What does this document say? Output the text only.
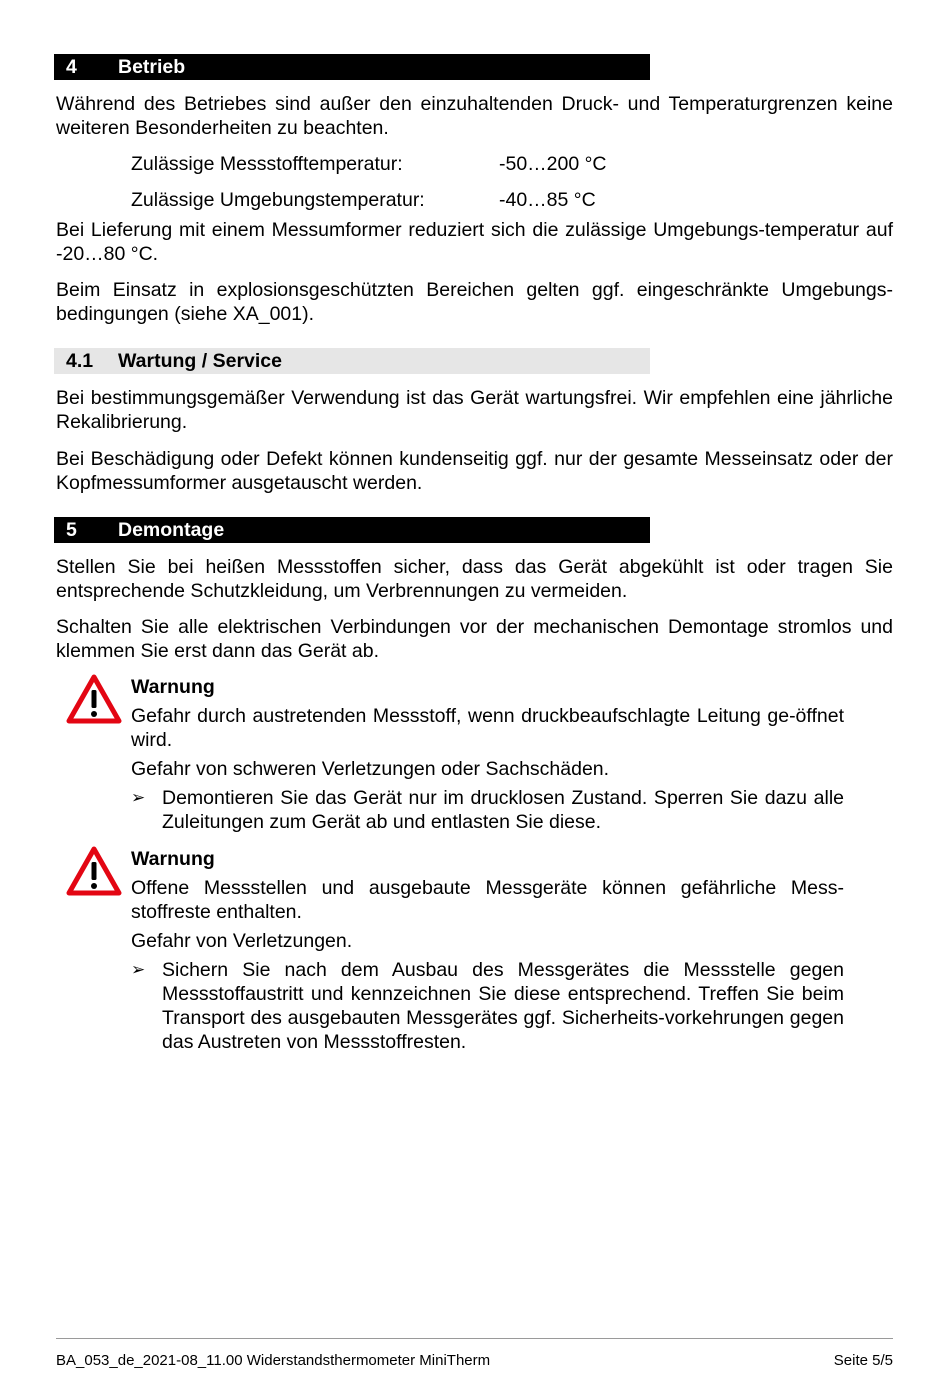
4 Betrieb

Während des Betriebes sind außer den einzuhaltenden Druck- und Temperaturgrenzen keine weiteren Besonderheiten zu beachten.

Zulässige Messstofftemperatur:	-50…200 °C
Zulässige Umgebungstemperatur:	-40…85 °C

Bei Lieferung mit einem Messumformer reduziert sich die zulässige Umgebungs-temperatur auf -20…80 °C.

Beim Einsatz in explosionsgeschützten Bereichen gelten ggf. eingeschränkte Umgebungs-bedingungen (siehe XA_001).

4.1 Wartung / Service

Bei bestimmungsgemäßer Verwendung ist das Gerät wartungsfrei. Wir empfehlen eine jährliche Rekalibrierung.

Bei Beschädigung oder Defekt können kundenseitig ggf. nur der gesamte Messeinsatz oder der Kopfmessumformer ausgetauscht werden.

5 Demontage

Stellen Sie bei heißen Messstoffen sicher, dass das Gerät abgekühlt ist oder tragen Sie entsprechende Schutzkleidung, um Verbrennungen zu vermeiden.

Schalten Sie alle elektrischen Verbindungen vor der mechanischen Demontage stromlos und klemmen Sie erst dann das Gerät ab.

Warnung
Gefahr durch austretenden Messstoff, wenn druckbeaufschlagte Leitung ge-öffnet wird.
Gefahr von schweren Verletzungen oder Sachschäden.
➢ Demontieren Sie das Gerät nur im drucklosen Zustand. Sperren Sie dazu alle Zuleitungen zum Gerät ab und entlasten Sie diese.
Warnung
Offene Messstellen und ausgebaute Messgeräte können gefährliche Mess-stoffreste enthalten.
Gefahr von Verletzungen.
➢ Sichern Sie nach dem Ausbau des Messgerätes die Messstelle gegen Messstoffaustritt und kennzeichnen Sie diese entsprechend. Treffen Sie beim Transport des ausgebauten Messgerätes ggf. Sicherheits-vorkehrungen gegen das Austreten von Messstoffresten.
BA_053_de_2021-08_11.00 Widerstandsthermometer MiniTherm	Seite 5/5
